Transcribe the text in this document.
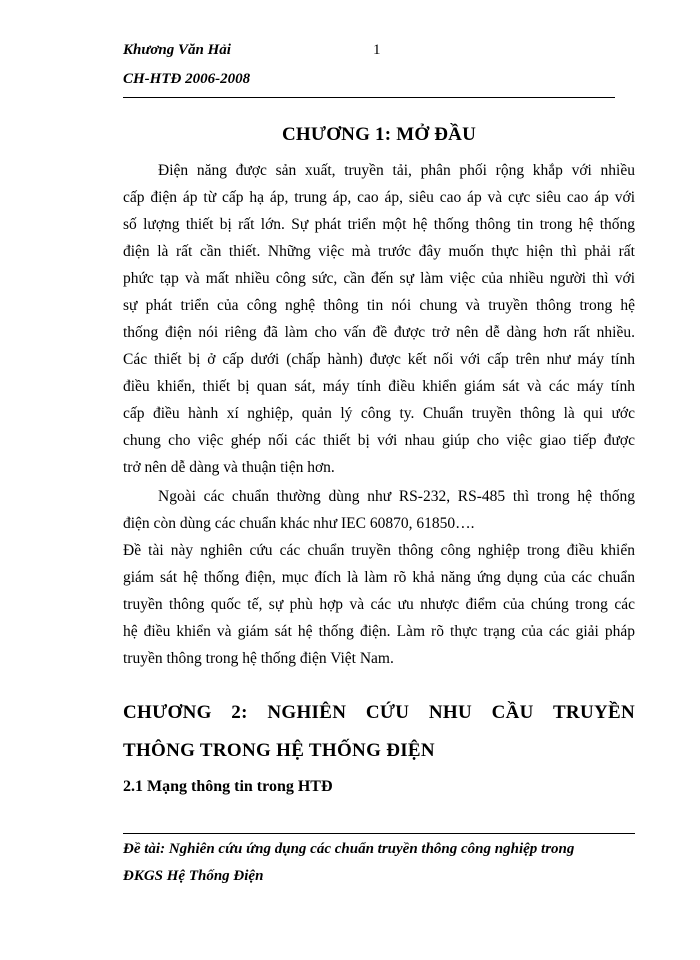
Khương Văn Hải	1
CH-HTĐ 2006-2008
CHƯƠNG 1: MỞ ĐẦU
Điện năng được sản xuất, truyền tải, phân phối rộng khắp với nhiều
cấp điện áp từ cấp hạ áp, trung áp, cao áp, siêu cao áp và cực siêu cao áp với
số lượng thiết bị rất lớn. Sự phát triển một hệ thống thông tin trong hệ thống
điện là rất cần thiết. Những việc mà trước đây muốn thực hiện thì phải rất
phức tạp và mất nhiều công sức, cần đến sự làm việc của nhiều người thì với
sự phát triển của công nghệ thông tin nói chung và truyền thông trong hệ
thống điện nói riêng đã làm cho vấn đề được trở nên dễ dàng hơn rất nhiều.
Các thiết bị ở cấp dưới (chấp hành) được kết nối với cấp trên như máy tính
điều khiển, thiết bị quan sát, máy tính điều khiển giám sát và các máy tính
cấp điều hành xí nghiệp, quản lý công ty. Chuẩn truyền thông là qui ước
chung cho việc ghép nối các thiết bị với nhau giúp cho việc giao tiếp được
trở nên dễ dàng và thuận tiện hơn.
Ngoài các chuẩn thường dùng như RS-232, RS-485 thì trong hệ thống
điện còn dùng các chuẩn khác như IEC 60870, 61850….
Đề tài này nghiên cứu các chuẩn truyền thông công nghiệp trong điều khiển
giám sát hệ thống điện, mục đích là làm rõ khả năng ứng dụng của các chuẩn
truyền thông quốc tế, sự phù hợp và các ưu nhược điểm của chúng trong các
hệ điều khiển và giám sát hệ thống điện. Làm rõ thực trạng của các giải pháp
truyền thông trong hệ thống điện Việt Nam.
CHƯƠNG 2: NGHIÊN CỨU NHU CẦU TRUYỀN
THÔNG TRONG HỆ THỐNG ĐIỆN
2.1 Mạng thông tin trong HTĐ
Đề tài: Nghiên cứu ứng dụng các chuẩn truyền thông công nghiệp trong
ĐKGS Hệ Thống Điện
